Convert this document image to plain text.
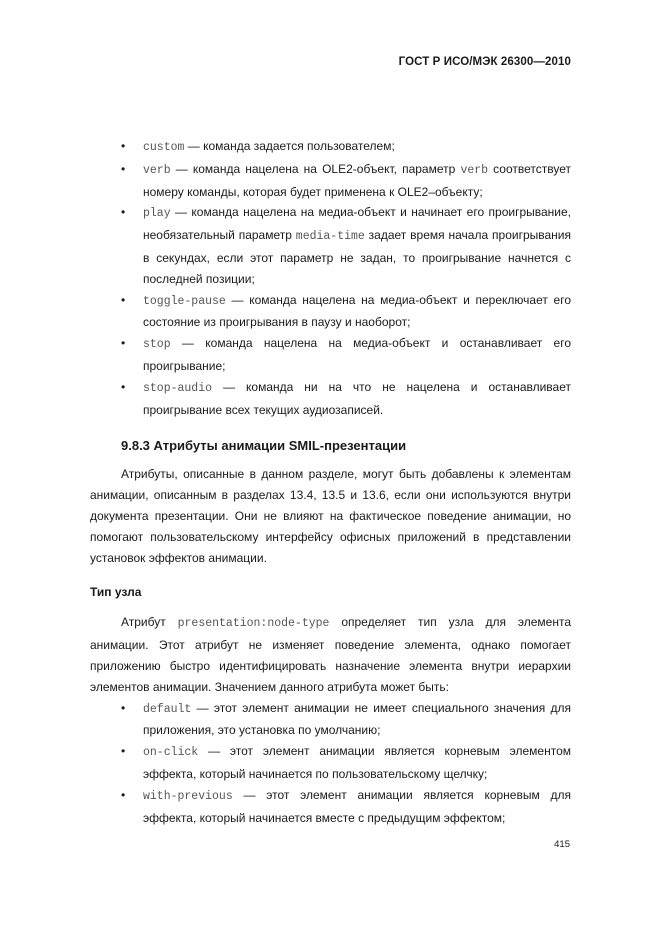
ГОСТ Р ИСО/МЭК 26300—2010
• custom — команда задается пользователем;
• verb — команда нацелена на OLE2-объект, параметр verb соответствует номеру команды, которая будет применена к OLE2–объекту;
• play — команда нацелена на медиа-объект и начинает его проигрывание, необязательный параметр media-time задает время начала проигрывания в секундах, если этот параметр не задан, то проигрывание начнется с последней позиции;
• toggle-pause — команда нацелена на медиа-объект и переключает его состояние из проигрывания в паузу и наоборот;
• stop — команда нацелена на медиа-объект и останавливает его проигрывание;
• stop-audio — команда ни на что не нацелена и останавливает проигрывание всех текущих аудиозаписей.
9.8.3 Атрибуты анимации SMIL-презентации

Атрибуты, описанные в данном разделе, могут быть добавлены к элементам анимации, описанным в разделах 13.4, 13.5 и 13.6, если они используются внутри документа презентации. Они не влияют на фактическое поведение анимации, но помогают пользовательскому интерфейсу офисных приложений в представлении установок эффектов анимации.

Тип узла

Атрибут presentation:node-type определяет тип узла для элемента анимации. Этот атрибут не изменяет поведение элемента, однако помогает приложению быстро идентифицировать назначение элемента внутри иерархии элементов анимации. Значением данного атрибута может быть:

• default — этот элемент анимации не имеет специального значения для приложения, это установка по умолчанию;
• on-click — этот элемент анимации является корневым элементом эффекта, который начинается по пользовательскому щелчку;
• with-previous — этот элемент анимации является корневым для эффекта, который начинается вместе с предыдущим эффектом;
415
